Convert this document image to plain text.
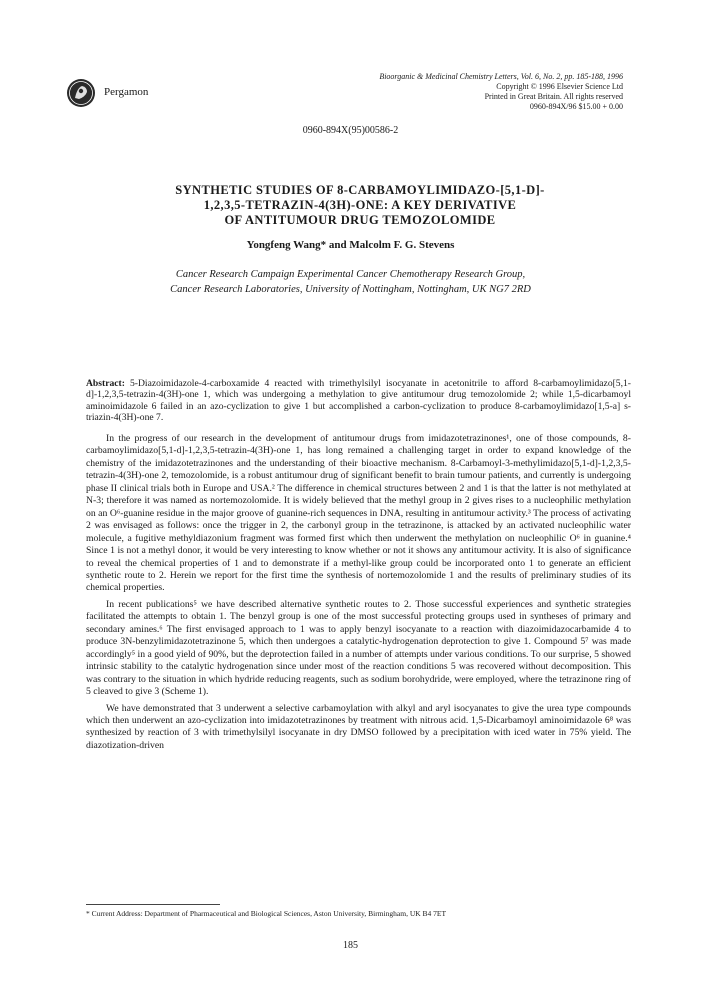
Pergamon
Bioorganic & Medicinal Chemistry Letters, Vol. 6, No. 2, pp. 185-188, 1996
Copyright © 1996 Elsevier Science Ltd
Printed in Great Britain. All rights reserved
0960-894X/96 $15.00 + 0.00
0960-894X(95)00586-2
SYNTHETIC STUDIES OF 8-CARBAMOYLIMIDAZO-[5,1-D]-
1,2,3,5-TETRAZIN-4(3H)-ONE: A KEY DERIVATIVE
OF ANTITUMOUR DRUG TEMOZOLOMIDE
Yongfeng Wang* and Malcolm F. G. Stevens
Cancer Research Campaign Experimental Cancer Chemotherapy Research Group,
Cancer Research Laboratories, University of Nottingham, Nottingham, UK NG7 2RD
Abstract: 5-Diazoimidazole-4-carboxamide 4 reacted with trimethylsilyl isocyanate in acetonitrile to afford 8-carbamoylimidazo[5,1-d]-1,2,3,5-tetrazin-4(3H)-one 1, which was undergoing a methylation to give antitumour drug temozolomide 2; while 1,5-dicarbamoyl aminoimidazole 6 failed in an azo-cyclization to give 1 but accomplished a carbon-cyclization to produce 8-carbamoylimidazo[1,5-a] s-triazin-4(3H)-one 7.

In the progress of our research in the development of antitumour drugs from imidazotetrazinones¹, one of those compounds, 8-carbamoylimidazo[5,1-d]-1,2,3,5-tetrazin-4(3H)-one 1, has long remained a challenging target in order to expand knowledge of the chemistry of the imidazotetrazinones and the understanding of their bioactive mechanism. 8-Carbamoyl-3-methylimidazo[5,1-d]-1,2,3,5-tetrazin-4(3H)-one 2, temozolomide, is a robust antitumour drug of significant benefit to brain tumour patients, and currently is undergoing phase II clinical trials both in Europe and USA.² The difference in chemical structures between 2 and 1 is that the latter is not methylated at N-3; therefore it was named as nortemozolomide. It is widely believed that the methyl group in 2 gives rises to a nucleophilic methylation on an O⁶-guanine residue in the major groove of guanine-rich sequences in DNA, resulting in antitumour activity.³ The process of activating 2 was envisaged as follows: once the trigger in 2, the carbonyl group in the tetrazinone, is attacked by an activated nucleophilic water molecule, a fugitive methyldiazonium fragment was formed first which then underwent the methylation on nucleophilic O⁶ in guanine.⁴ Since 1 is not a methyl donor, it would be very interesting to know whether or not it shows any antitumour activity. It is also of significance to reveal the chemical properties of 1 and to demonstrate if a methyl-like group could be incorporated onto 1 to generate an efficient synthetic route to 2. Herein we report for the first time the synthesis of nortemozolomide 1 and the results of preliminary studies of its chemical properties.

In recent publications⁵ we have described alternative synthetic routes to 2. Those successful experiences and synthetic strategies facilitated the attempts to obtain 1. The benzyl group is one of the most successful protecting groups used in syntheses of primary and secondary amines.⁶ The first envisaged approach to 1 was to apply benzyl isocyanate to a reaction with diazoimidazocarbamide 4 to produce 3N-benzylimidazotetrazinone 5, which then undergoes a catalytic-hydrogenation deprotection to give 1. Compound 5⁷ was made accordingly⁵ in a good yield of 90%, but the deprotection failed in a number of attempts under various conditions. To our surprise, 5 showed intrinsic stability to the catalytic hydrogenation since under most of the reaction conditions 5 was recovered without decomposition. This was contrary to the situation in which hydride reducing reagents, such as sodium borohydride, were employed, where the tetrazinone ring of 5 cleaved to give 3 (Scheme 1).

We have demonstrated that 3 underwent a selective carbamoylation with alkyl and aryl isocyanates to give the urea type compounds which then underwent an azo-cyclization into imidazotetrazinones by treatment with nitrous acid. 1,5-Dicarbamoyl aminoimidazole 6⁸ was synthesized by reaction of 3 with trimethylsilyl isocyanate in dry DMSO followed by a precipitation with iced water in 75% yield. The diazotization-driven

* Current Address: Department of Pharmaceutical and Biological Sciences, Aston University, Birmingham, UK B4 7ET
185
